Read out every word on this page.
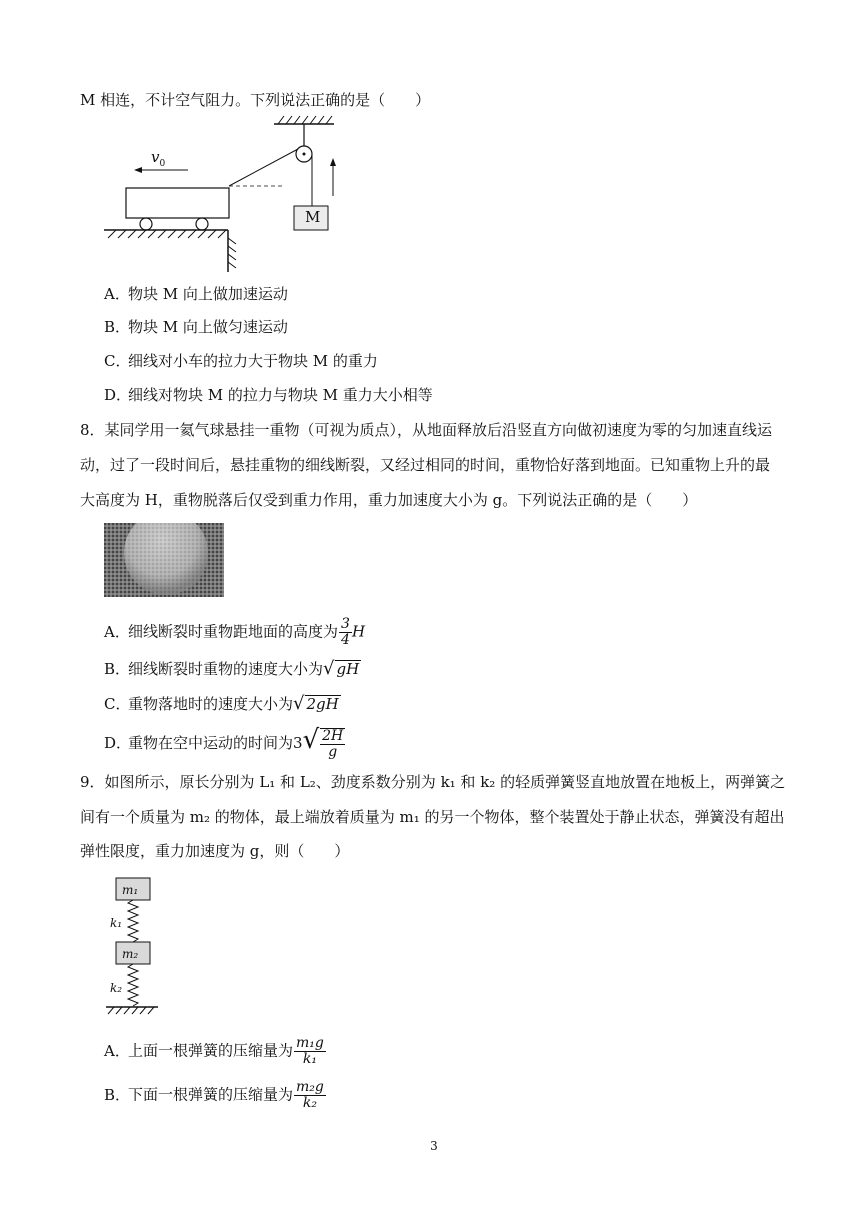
M 相连，不计空气阻力。下列说法正确的是（　　）
$v_0$
M
A．物块 M 向上做加速运动
B．物块 M 向上做匀速运动
C．细线对小车的拉力大于物块 M 的重力
D．细线对物块 M 的拉力与物块 M 重力大小相等
8．某同学用一氦气球悬挂一重物（可视为质点），从地面释放后沿竖直方向做初速度为零的匀加速直线运
动，过了一段时间后，悬挂重物的细线断裂，又经过相同的时间，重物恰好落到地面。已知重物上升的最
大高度为 H，重物脱落后仅受到重力作用，重力加速度大小为 g。下列说法正确的是（　　）
A．细线断裂时重物距地面的高度为 $\frac{3}{4}$ H
B．细线断裂时重物的速度大小为√ gH
C．重物落地时的速度大小为√ 2gH
D．重物在空中运动的时间为$3√ \frac{2H}{g}$
9．如图所示，原长分别为 L₁ 和 L₂、劲度系数分别为 k₁ 和 k₂ 的轻质弹簧竖直地放置在地板上，两弹簧之
间有一个质量为 m₂ 的物体，最上端放着质量为 m₁ 的另一个物体，整个装置处于静止状态，弹簧没有超出
弹性限度，重力加速度为 g，则（　　）
m₁
m₂
k₁
k₂
A．上面一根弹簧的压缩量为 $\frac{\text{m₁g}}{\text{k₁}}$
B．下面一根弹簧的压缩量为 $\frac{\text{m₂g}}{\text{k₂}}$
3
